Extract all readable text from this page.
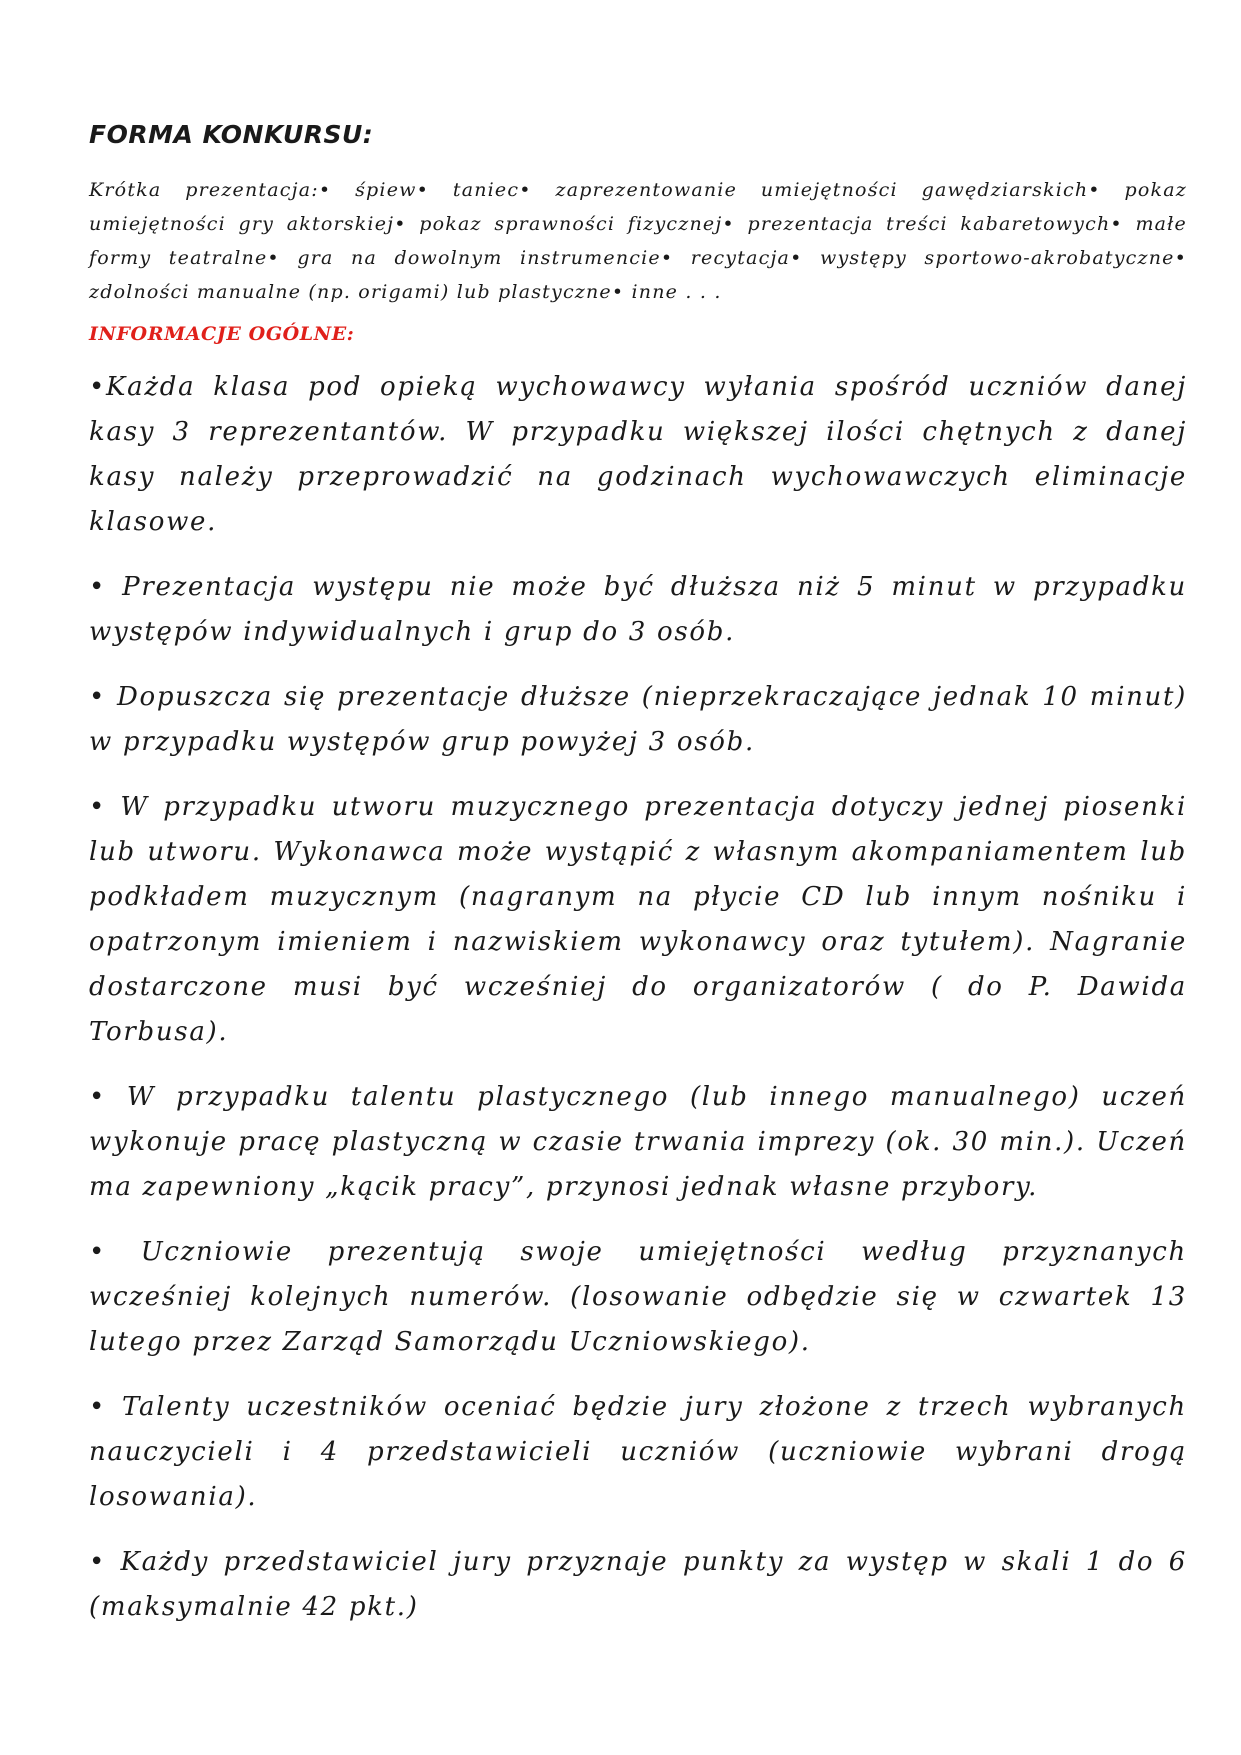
FORMA KONKURSU:

Krótka prezentacja:• śpiew• taniec• zaprezentowanie umiejętności gawędziarskich• pokaz umiejętności gry aktorskiej• pokaz sprawności fizycznej• prezentacja treści kabaretowych• małe formy teatralne• gra na dowolnym instrumencie• recytacja• występy sportowo-akrobatyczne• zdolności manualne (np. origami) lub plastyczne• inne . . .

INFORMACJE OGÓLNE:

•Każda klasa pod opieką wychowawcy wyłania spośród uczniów danej kasy 3 reprezentantów. W przypadku większej ilości chętnych z danej kasy należy przeprowadzić na godzinach wychowawczych eliminacje klasowe.

• Prezentacja występu nie może być dłuższa niż 5 minut w przypadku występów indywidualnych i grup do 3 osób.

• Dopuszcza się prezentacje dłuższe (nieprzekraczające jednak 10 minut) w przypadku występów grup powyżej 3 osób.

• W przypadku utworu muzycznego prezentacja dotyczy jednej piosenki lub utworu. Wykonawca może wystąpić z własnym akompaniamentem lub podkładem muzycznym (nagranym na płycie CD lub innym nośniku i opatrzonym imieniem i nazwiskiem wykonawcy oraz tytułem). Nagranie dostarczone musi być wcześniej do organizatorów ( do P. Dawida Torbusa).

• W przypadku talentu plastycznego (lub innego manualnego) uczeń wykonuje pracę plastyczną w czasie trwania imprezy (ok. 30 min.). Uczeń ma zapewniony „kącik pracy”, przynosi jednak własne przybory.

• Uczniowie prezentują swoje umiejętności według przyznanych wcześniej kolejnych numerów. (losowanie odbędzie się w czwartek 13 lutego przez Zarząd Samorządu Uczniowskiego).

• Talenty uczestników oceniać będzie jury złożone z trzech wybranych nauczycieli i 4 przedstawicieli uczniów (uczniowie wybrani drogą losowania).

• Każdy przedstawiciel jury przyznaje punkty za występ w skali 1 do 6 (maksymalnie 42 pkt.)
